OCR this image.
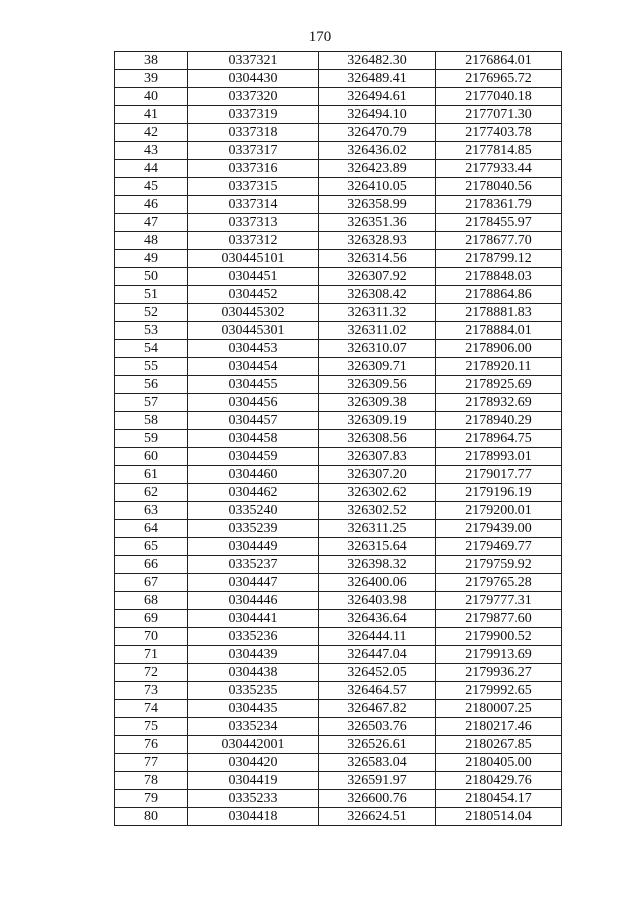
170
38	0337321	326482.30	2176864.01
39	0304430	326489.41	2176965.72
40	0337320	326494.61	2177040.18
41	0337319	326494.10	2177071.30
42	0337318	326470.79	2177403.78
43	0337317	326436.02	2177814.85
44	0337316	326423.89	2177933.44
45	0337315	326410.05	2178040.56
46	0337314	326358.99	2178361.79
47	0337313	326351.36	2178455.97
48	0337312	326328.93	2178677.70
49	030445101	326314.56	2178799.12
50	0304451	326307.92	2178848.03
51	0304452	326308.42	2178864.86
52	030445302	326311.32	2178881.83
53	030445301	326311.02	2178884.01
54	0304453	326310.07	2178906.00
55	0304454	326309.71	2178920.11
56	0304455	326309.56	2178925.69
57	0304456	326309.38	2178932.69
58	0304457	326309.19	2178940.29
59	0304458	326308.56	2178964.75
60	0304459	326307.83	2178993.01
61	0304460	326307.20	2179017.77
62	0304462	326302.62	2179196.19
63	0335240	326302.52	2179200.01
64	0335239	326311.25	2179439.00
65	0304449	326315.64	2179469.77
66	0335237	326398.32	2179759.92
67	0304447	326400.06	2179765.28
68	0304446	326403.98	2179777.31
69	0304441	326436.64	2179877.60
70	0335236	326444.11	2179900.52
71	0304439	326447.04	2179913.69
72	0304438	326452.05	2179936.27
73	0335235	326464.57	2179992.65
74	0304435	326467.82	2180007.25
75	0335234	326503.76	2180217.46
76	030442001	326526.61	2180267.85
77	0304420	326583.04	2180405.00
78	0304419	326591.97	2180429.76
79	0335233	326600.76	2180454.17
80	0304418	326624.51	2180514.04
